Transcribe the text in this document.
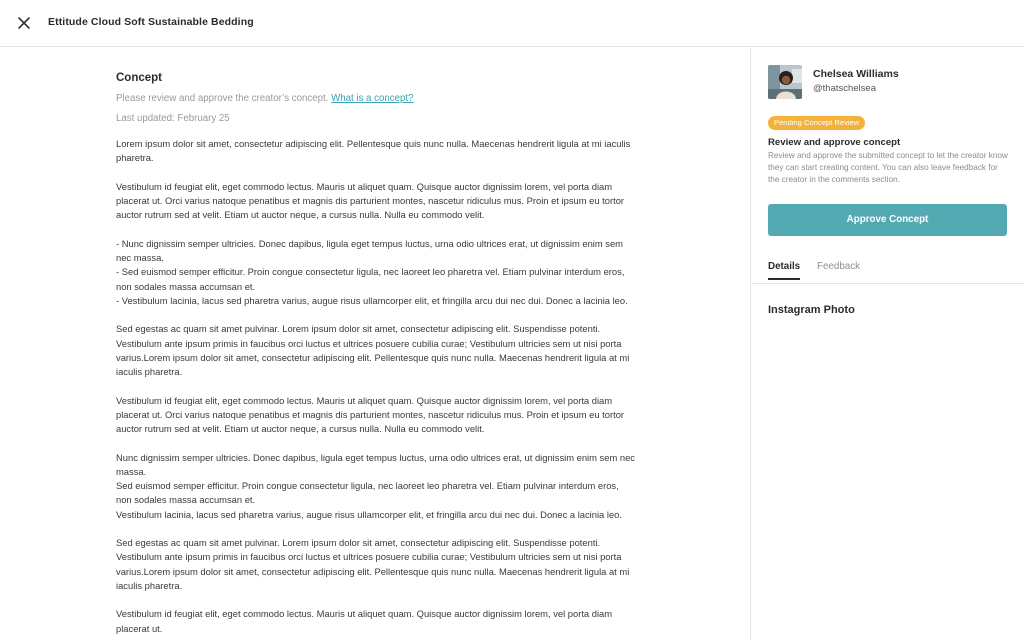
Ettitude Cloud Soft Sustainable Bedding
Concept
Please review and approve the creator’s concept. What is a concept?
Last updated: February 25

Lorem ipsum dolor sit amet, consectetur adipiscing elit. Pellentesque quis nunc nulla. Maecenas hendrerit ligula at mi iaculis pharetra.

Vestibulum id feugiat elit, eget commodo lectus. Mauris ut aliquet quam. Quisque auctor dignissim lorem, vel porta diam placerat ut. Orci varius natoque penatibus et magnis dis parturient montes, nascetur ridiculus mus. Proin et ipsum eu tortor auctor rutrum sed at velit. Etiam ut auctor neque, a cursus nulla. Nulla eu commodo velit.

- Nunc dignissim semper ultricies. Donec dapibus, ligula eget tempus luctus, urna odio ultrices erat, ut dignissim enim sem nec massa.
- Sed euismod semper efficitur. Proin congue consectetur ligula, nec laoreet leo pharetra vel. Etiam pulvinar interdum eros, non sodales massa accumsan et.
- Vestibulum lacinia, lacus sed pharetra varius, augue risus ullamcorper elit, et fringilla arcu dui nec dui. Donec a lacinia leo.

Sed egestas ac quam sit amet pulvinar. Lorem ipsum dolor sit amet, consectetur adipiscing elit. Suspendisse potenti. Vestibulum ante ipsum primis in faucibus orci luctus et ultrices posuere cubilia curae; Vestibulum ultricies sem ut nisi porta varius.Lorem ipsum dolor sit amet, consectetur adipiscing elit. Pellentesque quis nunc nulla. Maecenas hendrerit ligula at mi iaculis pharetra.

Vestibulum id feugiat elit, eget commodo lectus. Mauris ut aliquet quam. Quisque auctor dignissim lorem, vel porta diam placerat ut. Orci varius natoque penatibus et magnis dis parturient montes, nascetur ridiculus mus. Proin et ipsum eu tortor auctor rutrum sed at velit. Etiam ut auctor neque, a cursus nulla. Nulla eu commodo velit.

Nunc dignissim semper ultricies. Donec dapibus, ligula eget tempus luctus, urna odio ultrices erat, ut dignissim enim sem nec massa.
Sed euismod semper efficitur. Proin congue consectetur ligula, nec laoreet leo pharetra vel. Etiam pulvinar interdum eros, non sodales massa accumsan et.
Vestibulum lacinia, lacus sed pharetra varius, augue risus ullamcorper elit, et fringilla arcu dui nec dui. Donec a lacinia leo.

Sed egestas ac quam sit amet pulvinar. Lorem ipsum dolor sit amet, consectetur adipiscing elit. Suspendisse potenti. Vestibulum ante ipsum primis in faucibus orci luctus et ultrices posuere cubilia curae; Vestibulum ultricies sem ut nisi porta varius.Lorem ipsum dolor sit amet, consectetur adipiscing elit. Pellentesque quis nunc nulla. Maecenas hendrerit ligula at mi iaculis pharetra.

Vestibulum id feugiat elit, eget commodo lectus. Mauris ut aliquet quam. Quisque auctor dignissim lorem, vel porta diam placerat ut.

Chelsea Williams
@thatschelsea
Pending Concept Review
Review and approve concept
Review and approve the submitted concept to let the creator know they can start creating content. You can also leave feedback for the creator in the comments section.
Approve Concept
Details Feedback
Instagram Photo
